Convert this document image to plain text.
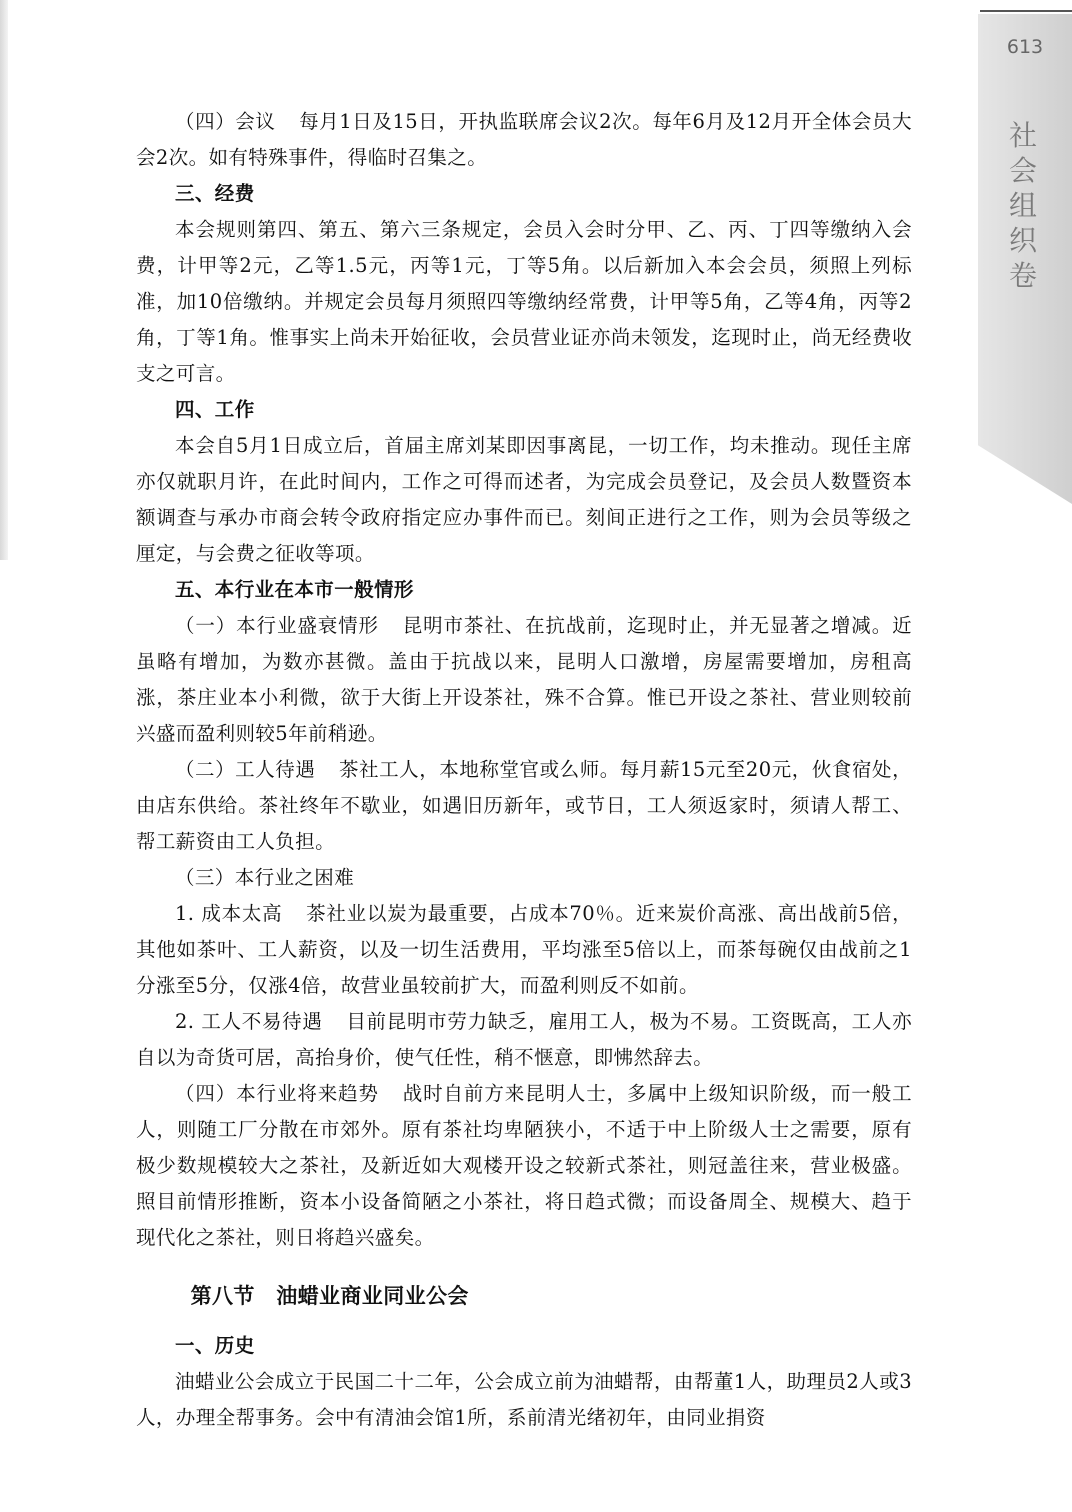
613
社会组织卷

（四）会议 每月1日及15日，开执监联席会议2次。每年6月及12月开全体会员大会2次。如有特殊事件，得临时召集之。

三、经费

本会规则第四、第五、第六三条规定，会员入会时分甲、乙、丙、丁四等缴纳入会费，计甲等2元，乙等1.5元，丙等1元，丁等5角。以后新加入本会会员，须照上列标准，加10倍缴纳。并规定会员每月须照四等缴纳经常费，计甲等5角，乙等4角，丙等2角，丁等1角。惟事实上尚未开始征收，会员营业证亦尚未领发，迄现时止，尚无经费收支之可言。

四、工作

本会自5月1日成立后，首届主席刘某即因事离昆，一切工作，均未推动。现任主席亦仅就职月许，在此时间内，工作之可得而述者，为完成会员登记，及会员人数暨资本额调查与承办市商会转令政府指定应办事件而已。刻间正进行之工作，则为会员等级之厘定，与会费之征收等项。

五、本行业在本市一般情形

（一）本行业盛衰情形 昆明市茶社、在抗战前，迄现时止，并无显著之增减。近虽略有增加，为数亦甚微。盖由于抗战以来，昆明人口激增，房屋需要增加，房租高涨，茶庄业本小利微，欲于大街上开设茶社，殊不合算。惟已开设之茶社、营业则较前兴盛而盈利则较5年前稍逊。

（二）工人待遇 茶社工人，本地称堂官或么师。每月薪15元至20元，伙食宿处，由店东供给。茶社终年不歇业，如遇旧历新年，或节日，工人须返家时，须请人帮工、帮工薪资由工人负担。

（三）本行业之困难

1. 成本太高 茶社业以炭为最重要，占成本70％。近来炭价高涨、高出战前5倍，其他如茶叶、工人薪资，以及一切生活费用，平均涨至5倍以上，而茶每碗仅由战前之1分涨至5分，仅涨4倍，故营业虽较前扩大，而盈利则反不如前。

2. 工人不易待遇 目前昆明市劳力缺乏，雇用工人，极为不易。工资既高，工人亦自以为奇货可居，高抬身价，使气任性，稍不惬意，即怫然辞去。

（四）本行业将来趋势 战时自前方来昆明人士，多属中上级知识阶级，而一般工人，则随工厂分散在市郊外。原有茶社均卑陋狭小，不适于中上阶级人士之需要，原有极少数规模较大之茶社，及新近如大观楼开设之较新式茶社，则冠盖往来，营业极盛。照目前情形推断，资本小设备简陋之小茶社，将日趋式微；而设备周全、规模大、趋于现代化之茶社，则日将趋兴盛矣。

第八节　油蜡业商业同业公会
一、历史

油蜡业公会成立于民国二十二年，公会成立前为油蜡帮，由帮董1人，助理员2人或3人，办理全帮事务。会中有清油会馆1所，系前清光绪初年，由同业捐资
